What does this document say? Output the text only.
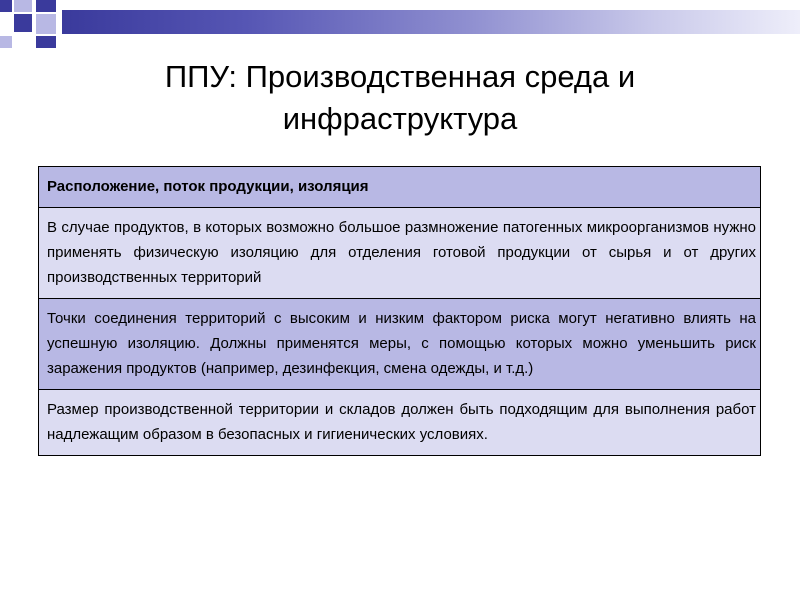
ППУ: Производственная среда и
инфраструктура
Расположение, поток продукции, изоляция
В случае продуктов, в которых возможно большое размножение патогенных микроорганизмов нужно применять физическую изоляцию для отделения готовой продукции от сырья и от других производственных территорий
Точки соединения территорий с высоким и низким фактором риска могут негативно влиять на успешную изоляцию. Должны применятся меры, с помощью которых можно уменьшить риск заражения продуктов (например, дезинфекция, смена одежды, и т.д.)
Размер производственной территории и складов должен быть подходящим для выполнения работ надлежащим образом в безопасных и гигиенических условиях.
